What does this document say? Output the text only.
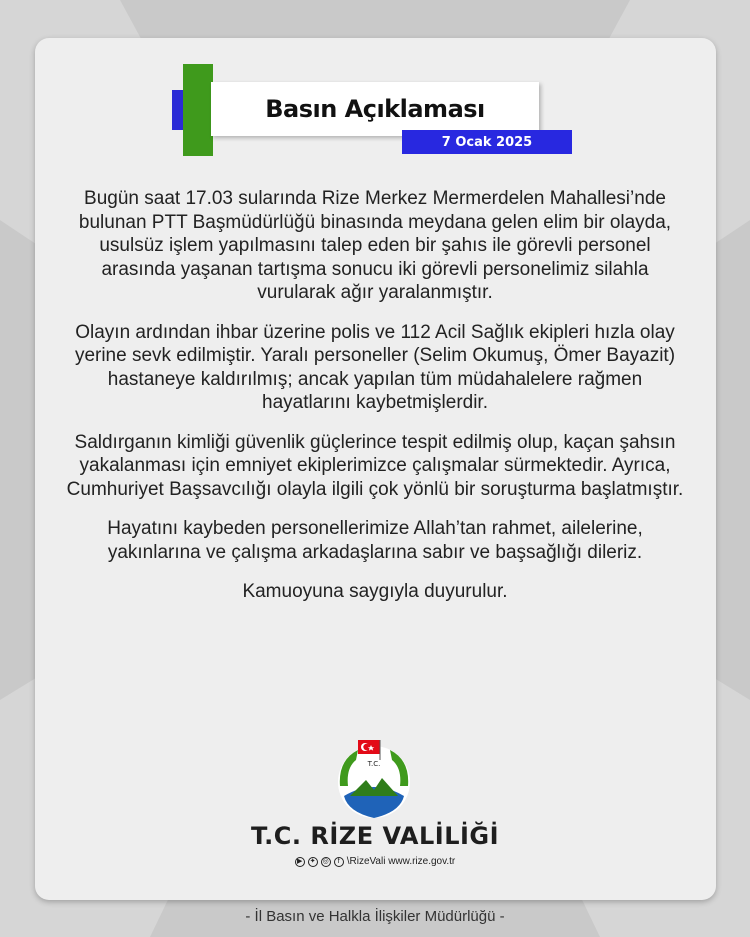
Basın Açıklaması
7 Ocak 2025

Bugün saat 17.03 sularında Rize Merkez Mermerdelen Mahallesi’nde bulunan PTT Başmüdürlüğü binasında meydana gelen elim bir olayda, usulsüz işlem yapılmasını talep eden bir şahıs ile görevli personel arasında yaşanan tartışma sonucu iki görevli personelimiz silahla vurularak ağır yaralanmıştır.

Olayın ardından ihbar üzerine polis ve 112 Acil Sağlık ekipleri hızla olay yerine sevk edilmiştir. Yaralı personeller (Selim Okumuş, Ömer Bayazit) hastaneye kaldırılmış; ancak yapılan tüm müdahalelere rağmen hayatlarını kaybetmişlerdir.

Saldırganın kimliği güvenlik güçlerince tespit edilmiş olup, kaçan şahsın yakalanması için emniyet ekiplerimizce çalışmalar sürmektedir. Ayrıca, Cumhuriyet Başsavcılığı olayla ilgili çok yönlü bir soruşturma başlatmıştır.

Hayatını kaybeden personellerimize Allah’tan rahmet, ailelerine, yakınlarına ve çalışma arkadaşlarına sabır ve başsağlığı dileriz.

Kamuoyuna saygıyla duyurulur.

T.C.
T.C. RİZE VALİLİĞİ
▶	✦ ◎	f \RizeVali www.rize.gov.tr
- İl Basın ve Halkla İlişkiler Müdürlüğü -
